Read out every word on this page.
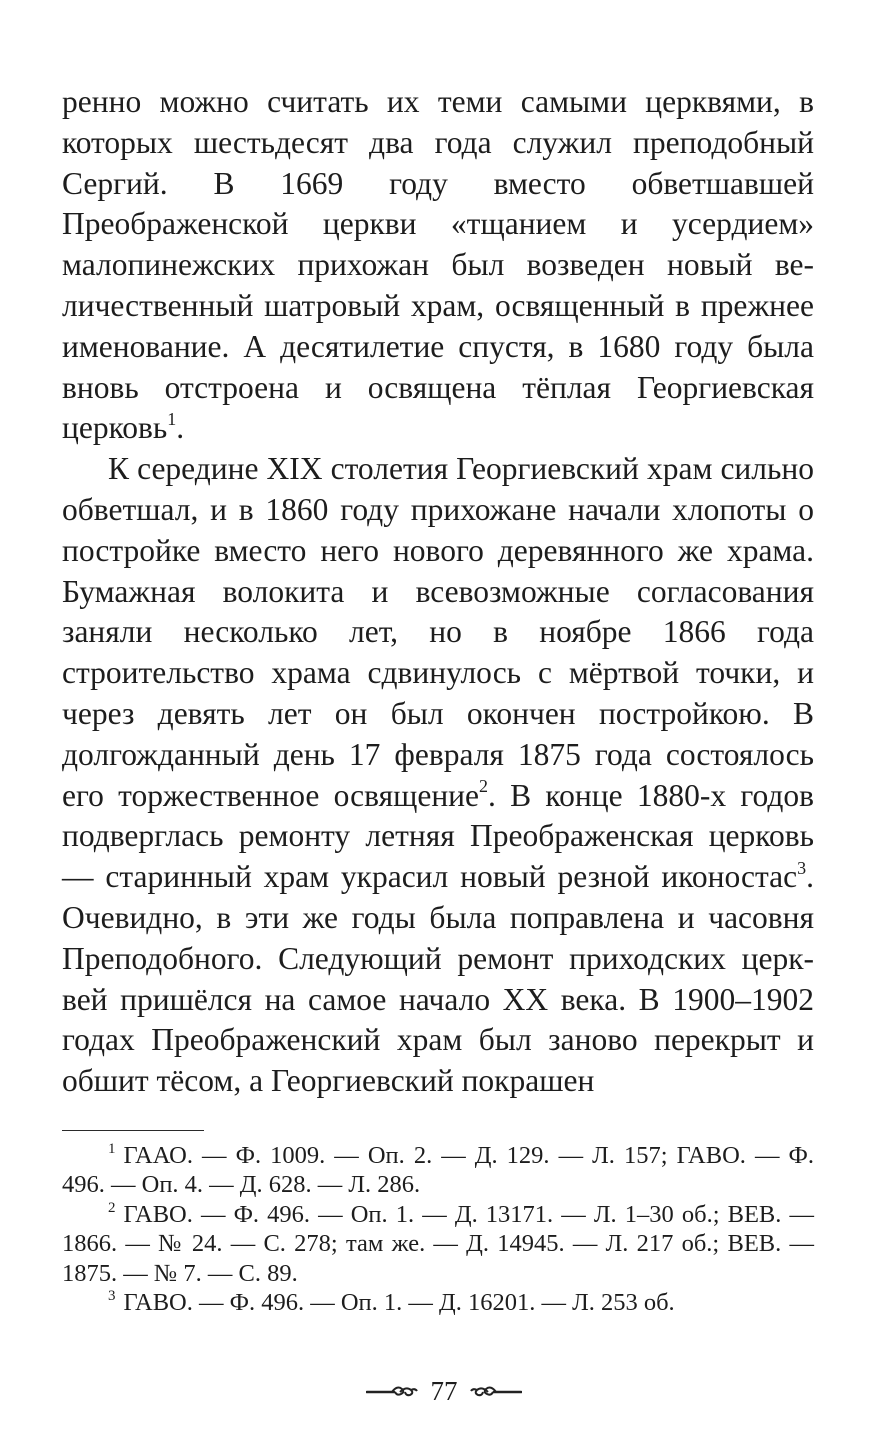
ренно можно считать их теми самыми церквями, в которых шестьдесят два года служил преподобный Сергий. В 1669 году вместо обветшавшей Преображенской церкви «тщанием и усердием» малопинежских прихожан был возведен новый величественный шатровый храм, освященный в прежнее именование. А десятилетие спустя, в 1680 году была вновь отстроена и освящена тёплая Георгиевская церковь$^1$.

К середине XIX столетия Георгиевский храм сильно обветшал, и в 1860 году прихожане начали хлопоты о постройке вместо него нового деревянного же храма. Бумажная волокита и всевозможные согласования заняли несколько лет, но в ноябре 1866 года строительство храма сдвинулось с мёртвой точки, и через девять лет он был окончен постройкою. В долгожданный день 17 февраля 1875 года состоялось его торжественное освящение$^2$. В конце 1880-х годов подверглась ремонту летняя Преображенская церковь — старинный храм украсил новый резной иконостас$^3$. Очевидно, в эти же годы была поправлена и часовня Преподобного. Следующий ремонт приходских церквей пришёлся на самое начало XX века. В 1900–1902 годах Преображенский храм был заново перекрыт и обшит тёсом, а Георгиевский покрашен

$^1$ ГААО. — Ф. 1009. — Оп. 2. — Д. 129. — Л. 157; ГАВО. — Ф. 496. — Оп. 4. — Д. 628. — Л. 286.

$^2$ ГАВО. — Ф. 496. — Оп. 1. — Д. 13171. — Л. 1–30 об.; ВЕВ. — 1866. — № 24. — С. 278; там же. — Д. 14945. — Л. 217 об.; ВЕВ. — 1875. — № 7. — С. 89.

$^3$ ГАВО. — Ф. 496. — Оп. 1. — Д. 16201. — Л. 253 об.

77
